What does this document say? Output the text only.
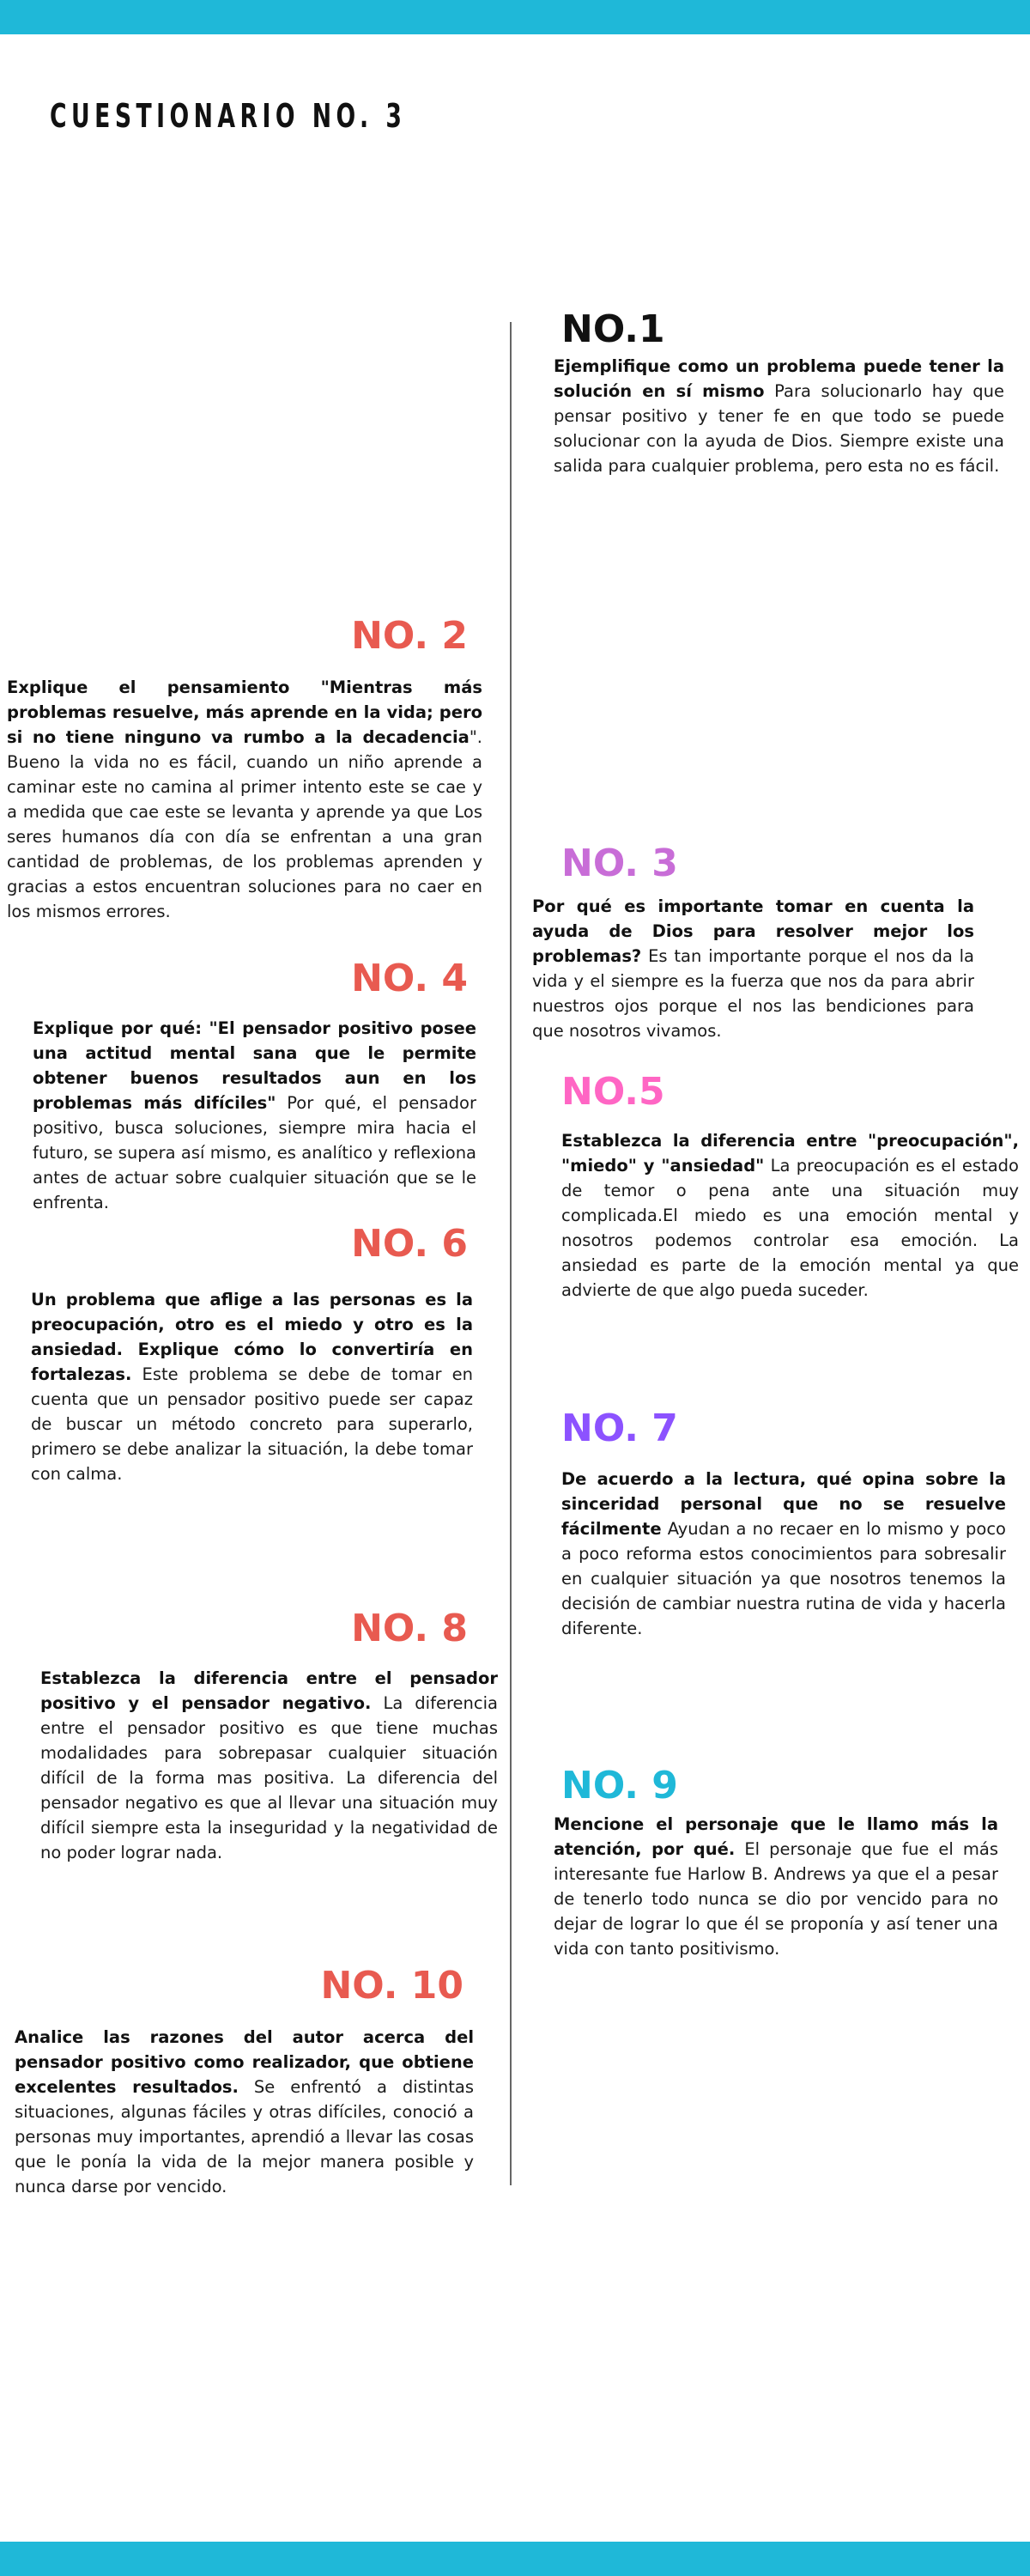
CUESTIONARIO NO. 3
NO.1

Ejemplifique como un problema puede tener la solución en sí mismo Para solucionarlo hay que pensar positivo y tener fe en que todo se puede solucionar con la ayuda de Dios. Siempre existe una salida para cualquier problema, pero esta no es fácil.

NO. 2

Explique el pensamiento "Mientras más problemas resuelve, más aprende en la vida; pero si no tiene ninguno va rumbo a la decadencia". Bueno la vida no es fácil, cuando un niño aprende a caminar este no camina al primer intento este se cae y a medida que cae este se levanta y aprende ya que Los seres humanos día con día se enfrentan a una gran cantidad de problemas, de los problemas aprenden y gracias a estos encuentran soluciones para no caer en los mismos errores.

NO. 3

Por qué es importante tomar en cuenta la ayuda de Dios para resolver mejor los problemas? Es tan importante porque el nos da la vida y el siempre es la fuerza que nos da para abrir nuestros ojos porque el nos las bendiciones para que nosotros vivamos.

NO. 4

Explique por qué: "El pensador positivo posee una actitud mental sana que le permite obtener buenos resultados aun en los problemas más difíciles" Por qué, el pensador positivo, busca soluciones, siempre mira hacia el futuro, se supera así mismo, es analítico y reflexiona antes de actuar sobre cualquier situación que se le enfrenta.

NO.5

Establezca la diferencia entre "preocupación", "miedo" y "ansiedad" La preocupación es el estado de temor o pena ante una situación muy complicada.El miedo es una emoción mental y nosotros podemos controlar esa emoción. La ansiedad es parte de la emoción mental ya que advierte de que algo pueda suceder.

NO. 6

Un problema que aflige a las personas es la preocupación, otro es el miedo y otro es la ansiedad. Explique cómo lo convertiría en fortalezas. Este problema se debe de tomar en cuenta que un pensador positivo puede ser capaz de buscar un método concreto para superarlo, primero se debe analizar la situación, la debe tomar con calma.

NO. 7

De acuerdo a la lectura, qué opina sobre la sinceridad personal que no se resuelve fácilmente Ayudan a no recaer en lo mismo y poco a poco reforma estos conocimientos para sobresalir en cualquier situación ya que nosotros tenemos la decisión de cambiar nuestra rutina de vida y hacerla diferente.

NO. 8

Establezca la diferencia entre el pensador positivo y el pensador negativo. La diferencia entre el pensador positivo es que tiene muchas modalidades para sobrepasar cualquier situación difícil de la forma mas positiva. La diferencia del pensador negativo es que al llevar una situación muy difícil siempre esta la inseguridad y la negatividad de no poder lograr nada.

NO. 9

Mencione el personaje que le llamo más la atención, por qué. El personaje que fue el más interesante fue Harlow B. Andrews ya que el a pesar de tenerlo todo nunca se dio por vencido para no dejar de lograr lo que él se proponía y así tener una vida con tanto positivismo.

NO. 10

Analice las razones del autor acerca del pensador positivo como realizador, que obtiene excelentes resultados. Se enfrentó a distintas situaciones, algunas fáciles y otras difíciles, conoció a personas muy importantes, aprendió a llevar las cosas que le ponía la vida de la mejor manera posible y nunca darse por vencido.
